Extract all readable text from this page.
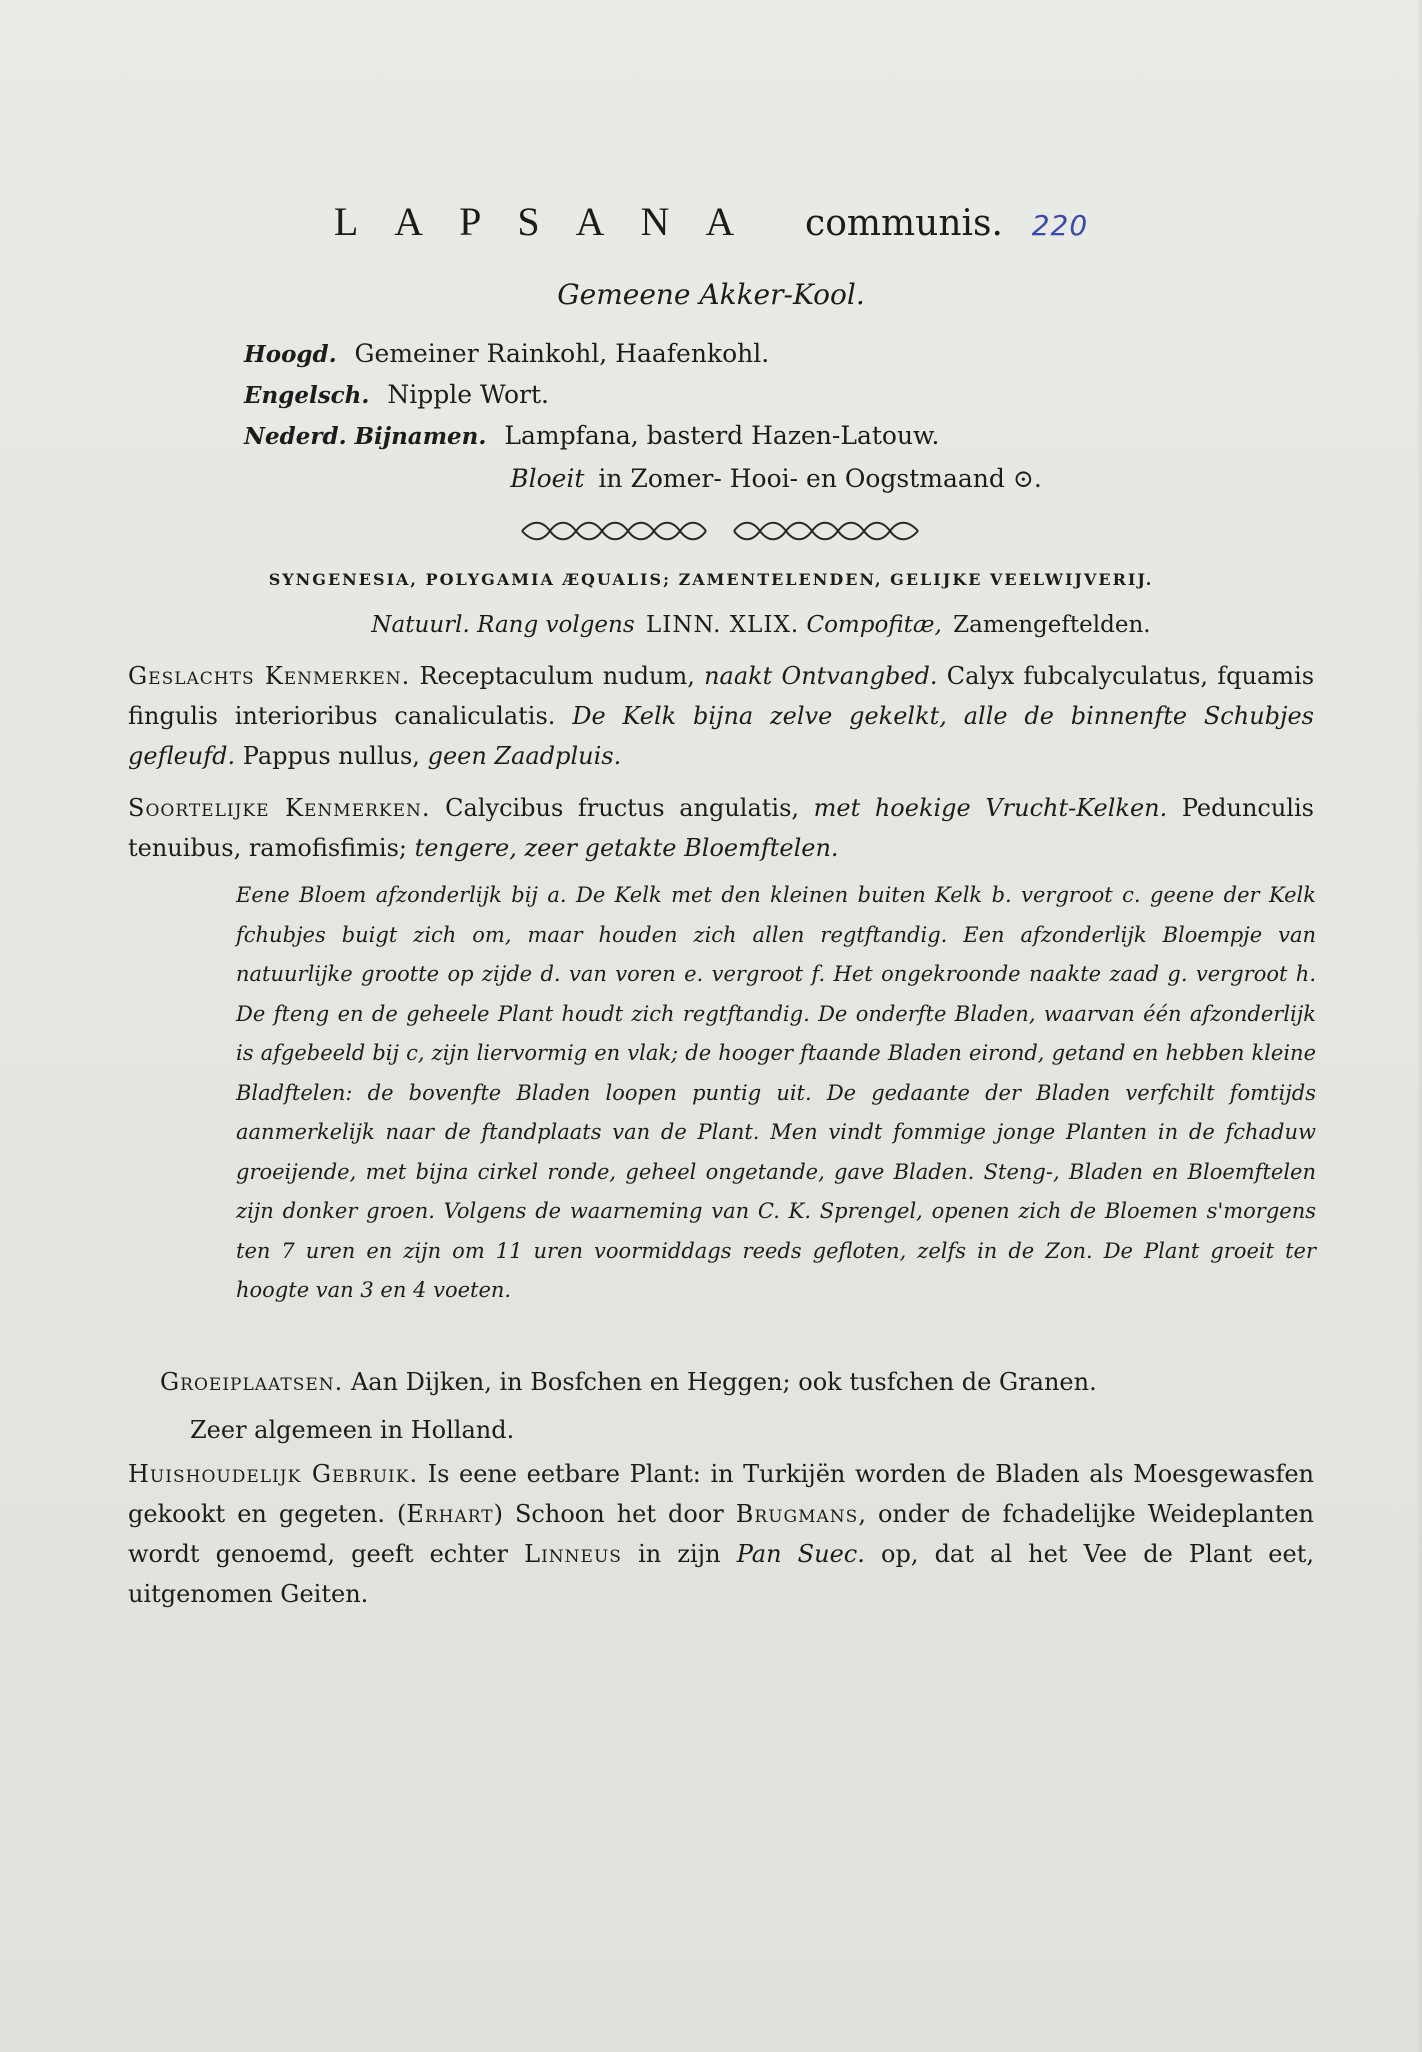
LAPSANA communis. 220
Gemeene Akker-Kool.
Hoogd. Gemeiner Rainkohl, Haafenkohl.
Engelsch. Nipple Wort.
Nederd. Bijnamen. Lampfana, basterd Hazen-Latouw.
Bloeit in Zomer- Hooi- en Oogstmaand ⊙.
SYNGENESIA, POLYGAMIA ÆQUALIS; ZAMENTELENDEN, GELIJKE VEELWIJVERIJ.
Natuurl. Rang volgens LINN. XLIX. Compofitæ, Zamengeftelden.
Geslachts Kenmerken. Receptaculum nudum, naakt Ontvangbed. Calyx fubcalyculatus, fquamis fingulis interioribus canaliculatis. De Kelk bijna zelve gekelkt, alle de binnenfte Schubjes gefleufd. Pappus nullus, geen Zaadpluis.
Soortelijke Kenmerken. Calycibus fructus angulatis, met hoekige Vrucht-Kelken. Pedunculis tenuibus, ramofisfimis; tengere, zeer getakte Bloemftelen.
Eene Bloem afzonderlijk bij a. De Kelk met den kleinen buiten Kelk b. vergroot c. geene der Kelk fchubjes buigt zich om, maar houden zich allen regtftandig. Een afzonderlijk Bloempje van natuurlijke grootte op zijde d. van voren e. vergroot f. Het ongekroonde naakte zaad g. vergroot h. De fteng en de geheele Plant houdt zich regtftandig. De onderfte Bladen, waarvan één afzonderlijk is afgebeeld bij c, zijn liervormig en vlak; de hooger ftaande Bladen eirond, getand en hebben kleine Bladftelen: de bovenfte Bladen loopen puntig uit. De gedaante der Bladen verfchilt fomtijds aanmerkelijk naar de ftandplaats van de Plant. Men vindt fommige jonge Planten in de fchaduw groeijende, met bijna cirkel ronde, geheel ongetande, gave Bladen. Steng-, Bladen en Bloemftelen zijn donker groen. Volgens de waarneming van C. K. Sprengel, openen zich de Bloemen s'morgens ten 7 uren en zijn om 11 uren voormiddags reeds gefloten, zelfs in de Zon. De Plant groeit ter hoogte van 3 en 4 voeten.
Groeiplaatsen. Aan Dijken, in Bosfchen en Heggen; ook tusfchen de Granen.
Zeer algemeen in Holland.
Huishoudelijk Gebruik. Is eene eetbare Plant: in Turkijën worden de Bladen als Moesgewasfen gekookt en gegeten. (Erhart) Schoon het door Brugmans, onder de fchadelijke Weideplanten wordt genoemd, geeft echter Linneus in zijn Pan Suec. op, dat al het Vee de Plant eet, uitgenomen Geiten.
